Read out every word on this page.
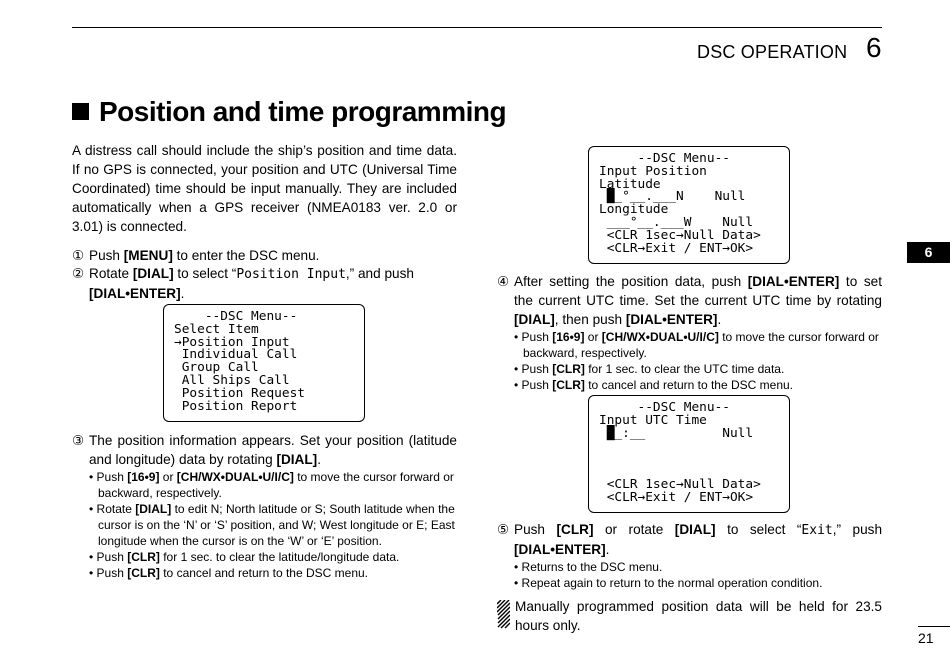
DSC OPERATION 6
Position and time programming
6
21
A distress call should include the ship’s position and time data. If no GPS is connected, your position and UTC (Universal Time Coordinated) time should be input manually. They are included automatically when a GPS receiver (NMEA0183 ver. 2.0 or 3.01) is connected.
① Push [MENU] to enter the DSC menu.
② Rotate [DIAL] to select “Position Input,” and push [DIAL•ENTER].
--DSC Menu--
Select Item
→Position Input
Individual Call
Group Call
All Ships Call
Position Request
Position Report
③ The position information appears. Set your position (latitude and longitude) data by rotating [DIAL].
• Push [16•9] or [CH/WX•DUAL•U/I/C] to move the cursor forward or backward, respectively.
• Rotate [DIAL] to edit N; North latitude or S; South latitude when the cursor is on the ‘N’ or ‘S’ position, and W; West longitude or E; East longitude when the cursor is on the ‘W’ or ‘E’ position.
• Push [CLR] for 1 sec. to clear the latitude/longitude data.
• Push [CLR] to cancel and return to the DSC menu.
--DSC Menu--
Input Position
Latitude
█_°__.___N    Null
Longitude
___°__.___W    Null
<CLR 1sec→Null Data>
<CLR→Exit / ENT→OK>
④ After setting the position data, push [DIAL•ENTER] to set the current UTC time. Set the current UTC time by rotating [DIAL], then push [DIAL•ENTER].
• Push [16•9] or [CH/WX•DUAL•U/I/C] to move the cursor forward or backward, respectively.
• Push [CLR] for 1 sec. to clear the UTC time data.
• Push [CLR] to cancel and return to the DSC menu.
--DSC Menu--
Input UTC Time
█_:__          Null

<CLR 1sec→Null Data>
<CLR→Exit / ENT→OK>
⑤ Push [CLR] or rotate [DIAL] to select “Exit,” push [DIAL•ENTER].
• Returns to the DSC menu.
• Repeat again to return to the normal operation condition.
Manually programmed position data will be held for 23.5 hours only.
